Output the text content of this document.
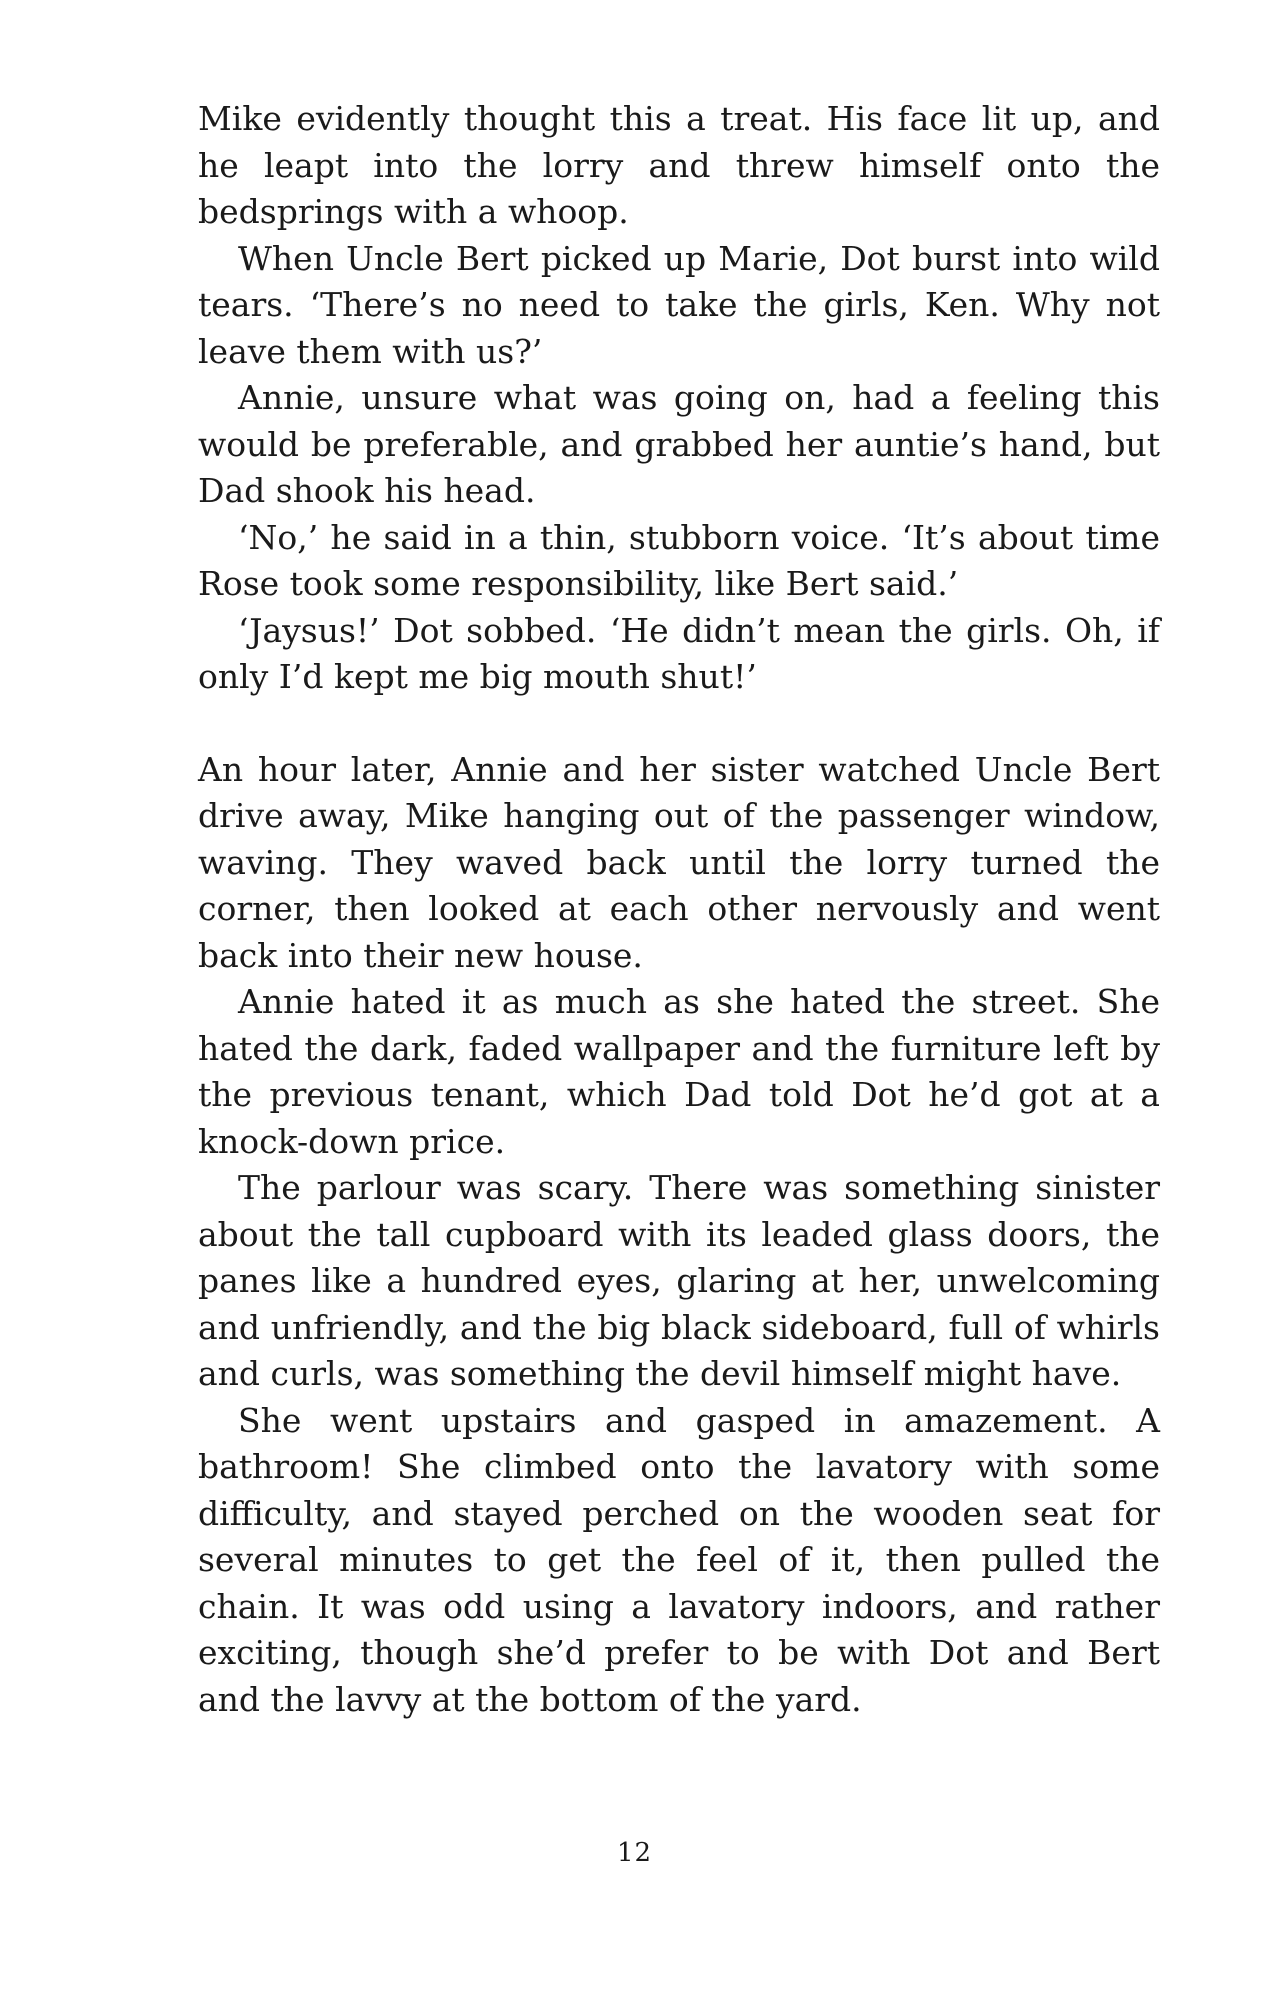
Mike evidently thought this a treat. His face lit up, and he leapt into the lorry and threw himself onto the bedsprings with a whoop.

When Uncle Bert picked up Marie, Dot burst into wild tears. ‘There’s no need to take the girls, Ken. Why not leave them with us?’

Annie, unsure what was going on, had a feeling this would be preferable, and grabbed her auntie’s hand, but Dad shook his head.

‘No,’ he said in a thin, stubborn voice. ‘It’s about time Rose took some responsibility, like Bert said.’

‘Jaysus!’ Dot sobbed. ‘He didn’t mean the girls. Oh, if only I’d kept me big mouth shut!’

An hour later, Annie and her sister watched Uncle Bert drive away, Mike hanging out of the passenger window, waving. They waved back until the lorry turned the corner, then looked at each other nervously and went back into their new house.

Annie hated it as much as she hated the street. She hated the dark, faded wallpaper and the furniture left by the previous tenant, which Dad told Dot he’d got at a knock-down price.

The parlour was scary. There was something sinister about the tall cupboard with its leaded glass doors, the panes like a hundred eyes, glaring at her, unwelcoming and unfriendly, and the big black sideboard, full of whirls and curls, was something the devil himself might have.

She went upstairs and gasped in amazement. A bathroom! She climbed onto the lavatory with some difficulty, and stayed perched on the wooden seat for several minutes to get the feel of it, then pulled the chain. It was odd using a lavatory indoors, and rather exciting, though she’d prefer to be with Dot and Bert and the lavvy at the bottom of the yard.

12
